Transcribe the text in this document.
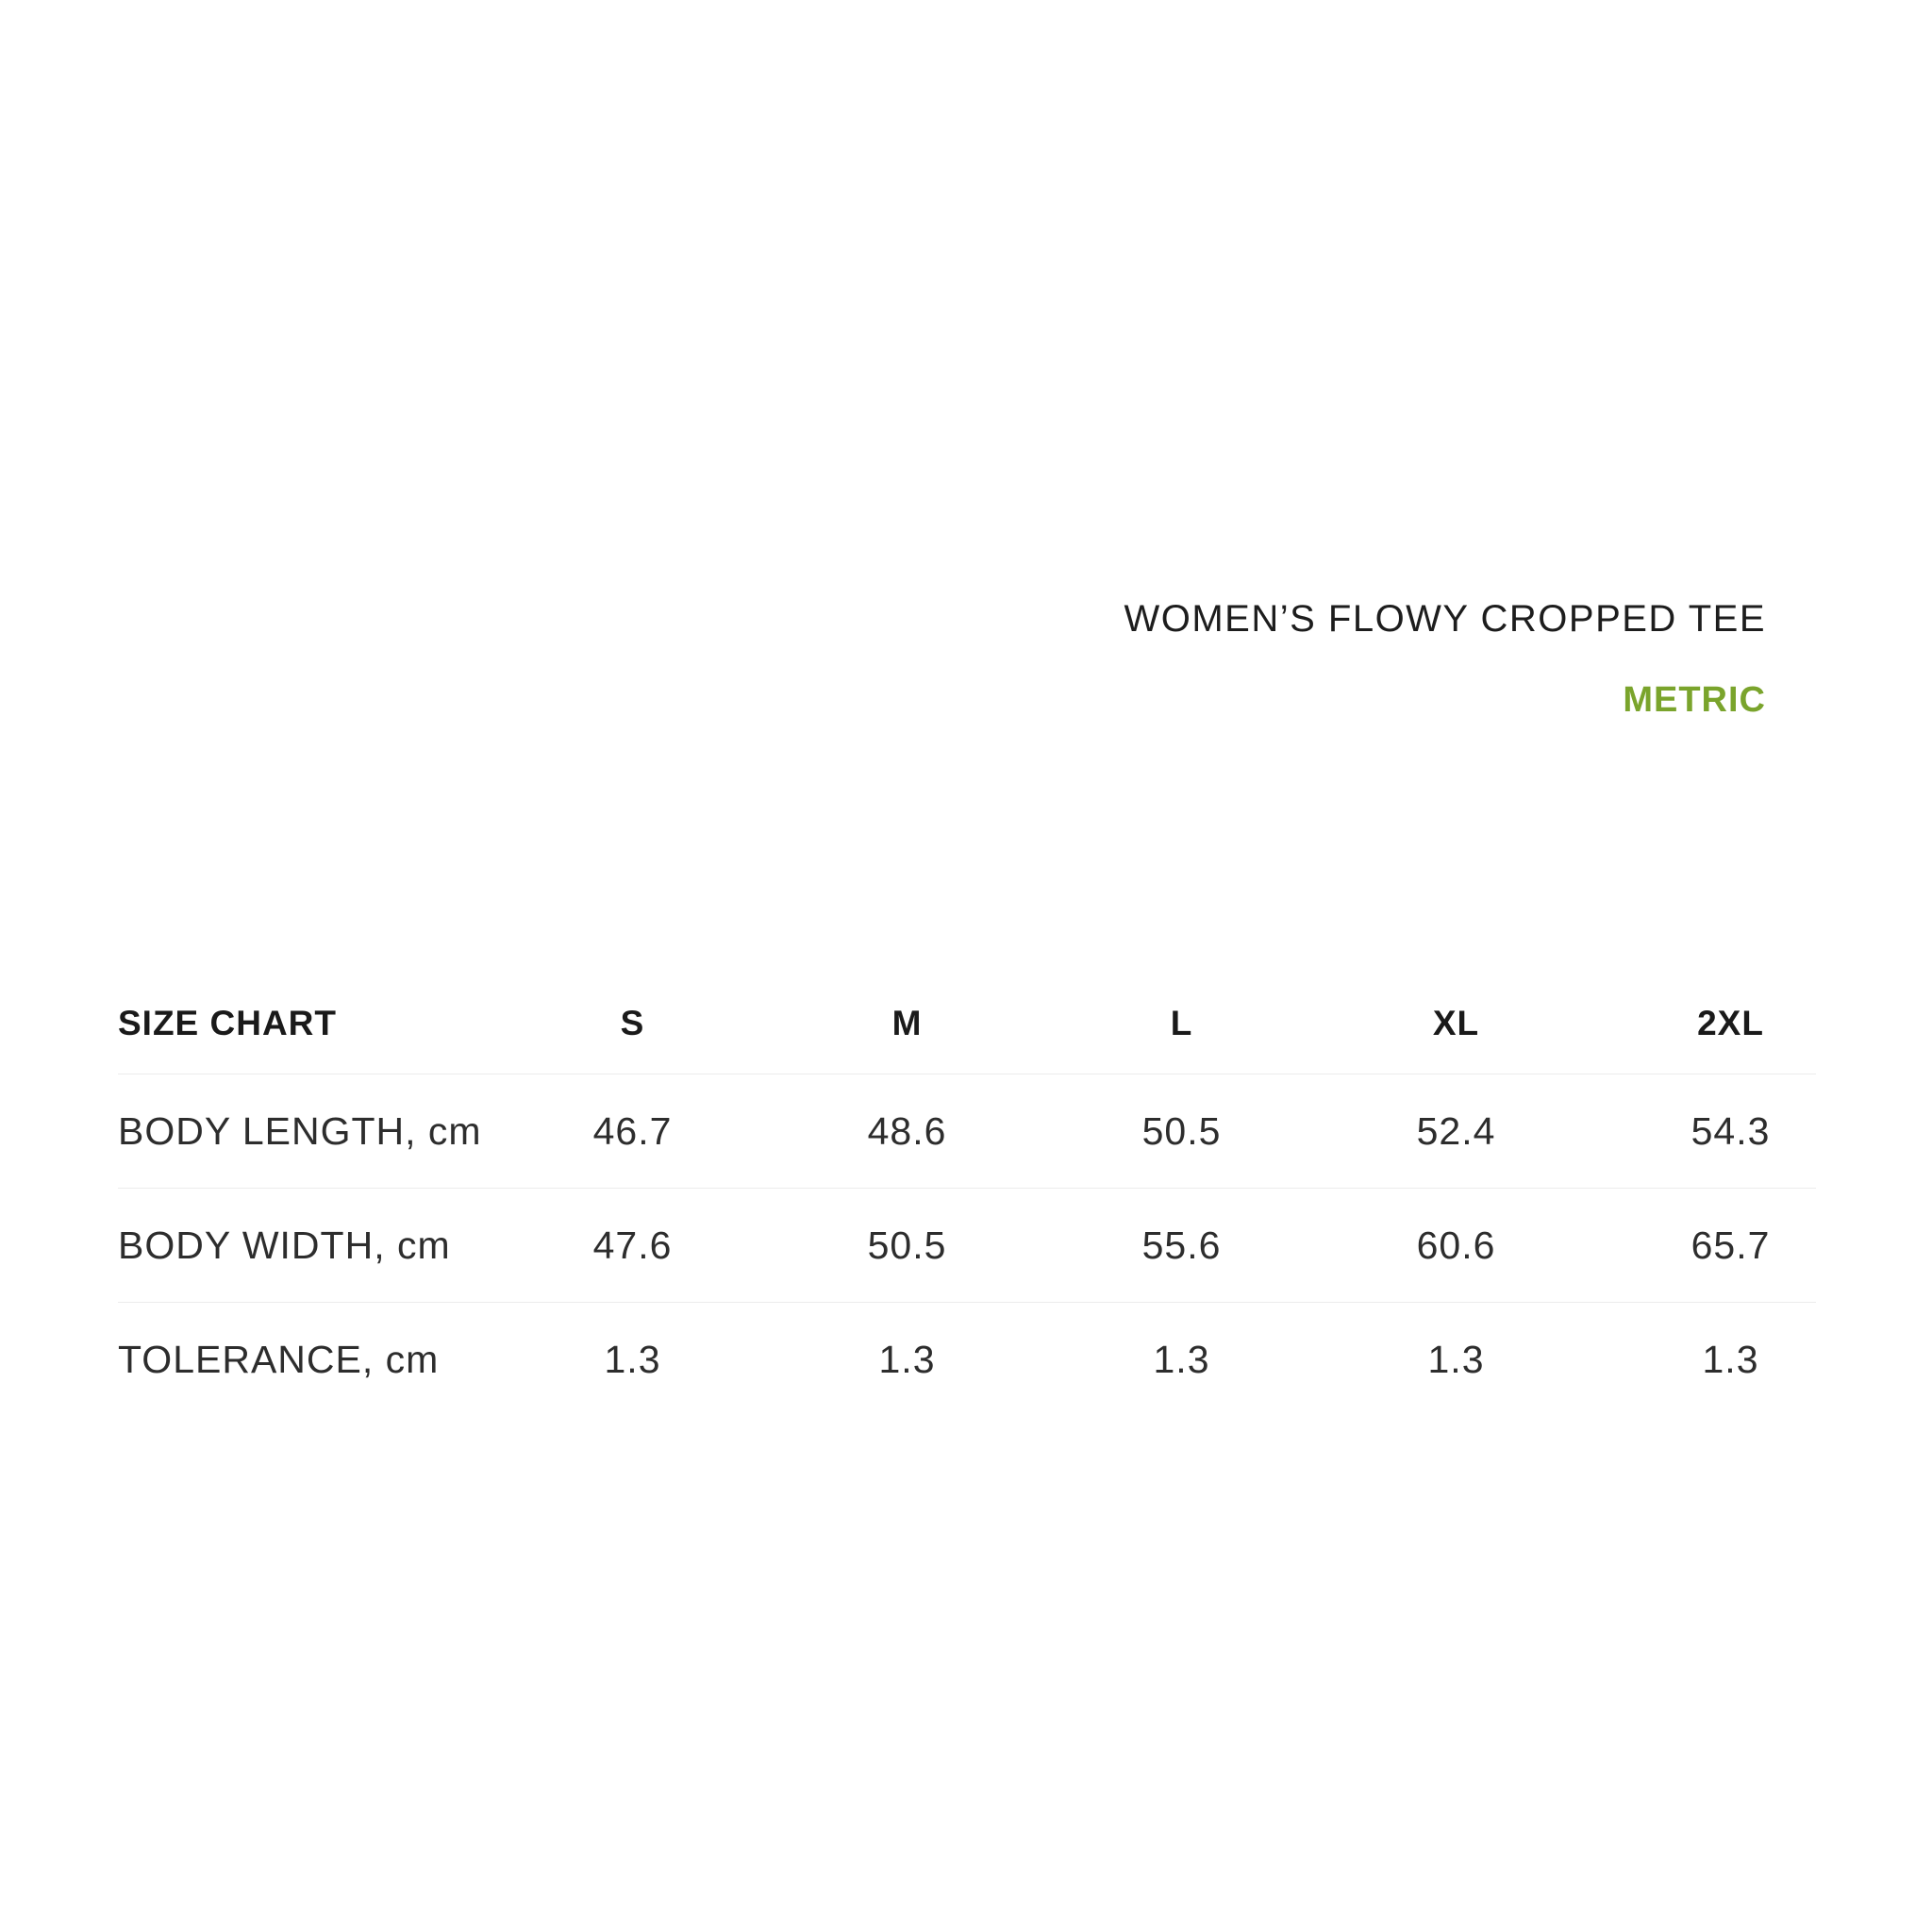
WOMEN’S FLOWY CROPPED TEE
METRIC
SIZE CHART	S	M	L	XL	2XL
BODY LENGTH, cm	46.7	48.6	50.5	52.4	54.3
BODY WIDTH, cm	47.6	50.5	55.6	60.6	65.7
TOLERANCE, cm	1.3	1.3	1.3	1.3	1.3
